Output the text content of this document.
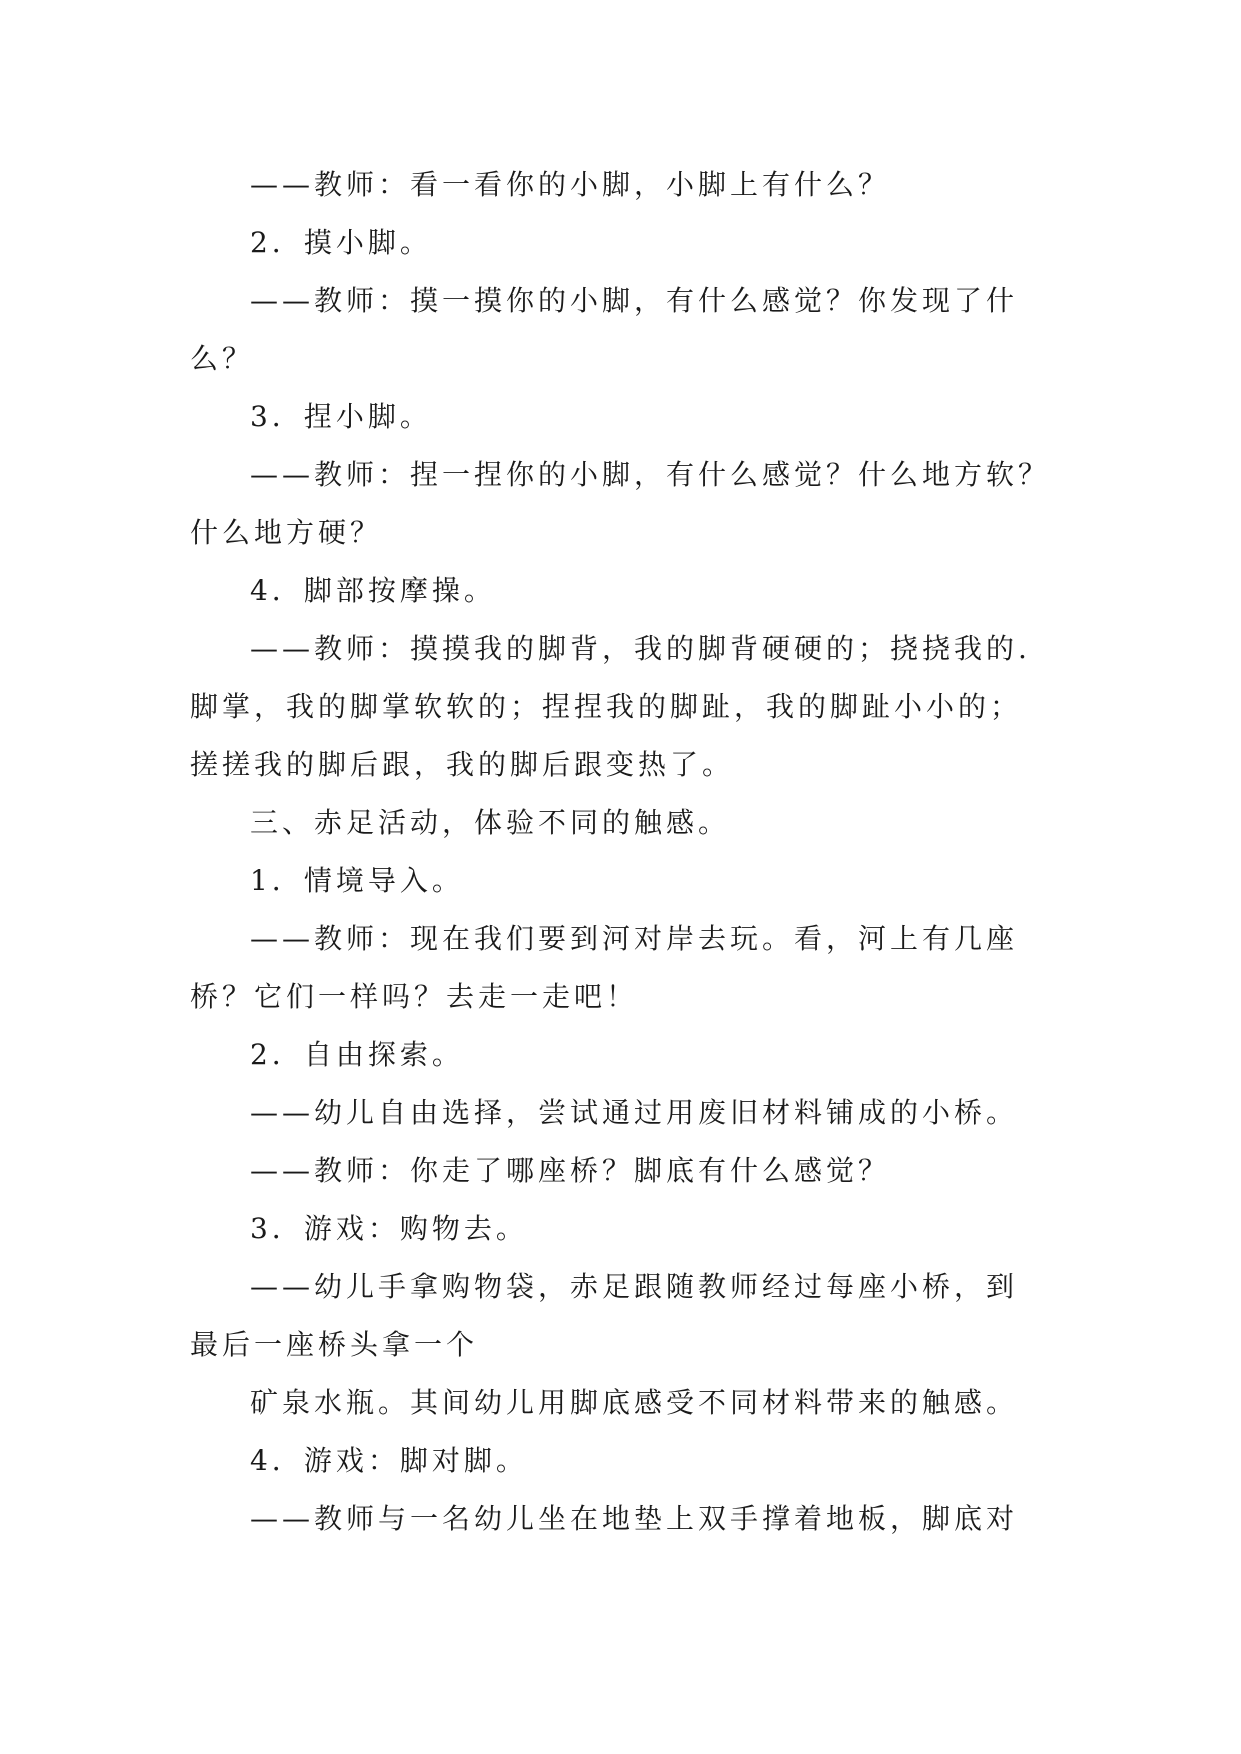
——教师：看一看你的小脚，小脚上有什么？
2．摸小脚。
——教师：摸一摸你的小脚，有什么感觉？你发现了什
么？
3．捏小脚。
——教师：捏一捏你的小脚，有什么感觉？什么地方软？
什么地方硬？
4．脚部按摩操。
——教师：摸摸我的脚背，我的脚背硬硬的；挠挠我的.
脚掌，我的脚掌软软的；捏捏我的脚趾，我的脚趾小小的；
搓搓我的脚后跟，我的脚后跟变热了。
三、赤足活动，体验不同的触感。
1．情境导入。
——教师：现在我们要到河对岸去玩。看，河上有几座
桥？它们一样吗？去走一走吧！
2．自由探索。
——幼儿自由选择，尝试通过用废旧材料铺成的小桥。
——教师：你走了哪座桥？脚底有什么感觉？
3．游戏：购物去。
——幼儿手拿购物袋，赤足跟随教师经过每座小桥，到
最后一座桥头拿一个
矿泉水瓶。其间幼儿用脚底感受不同材料带来的触感。
4．游戏：脚对脚。
——教师与一名幼儿坐在地垫上双手撑着地板，脚底对
